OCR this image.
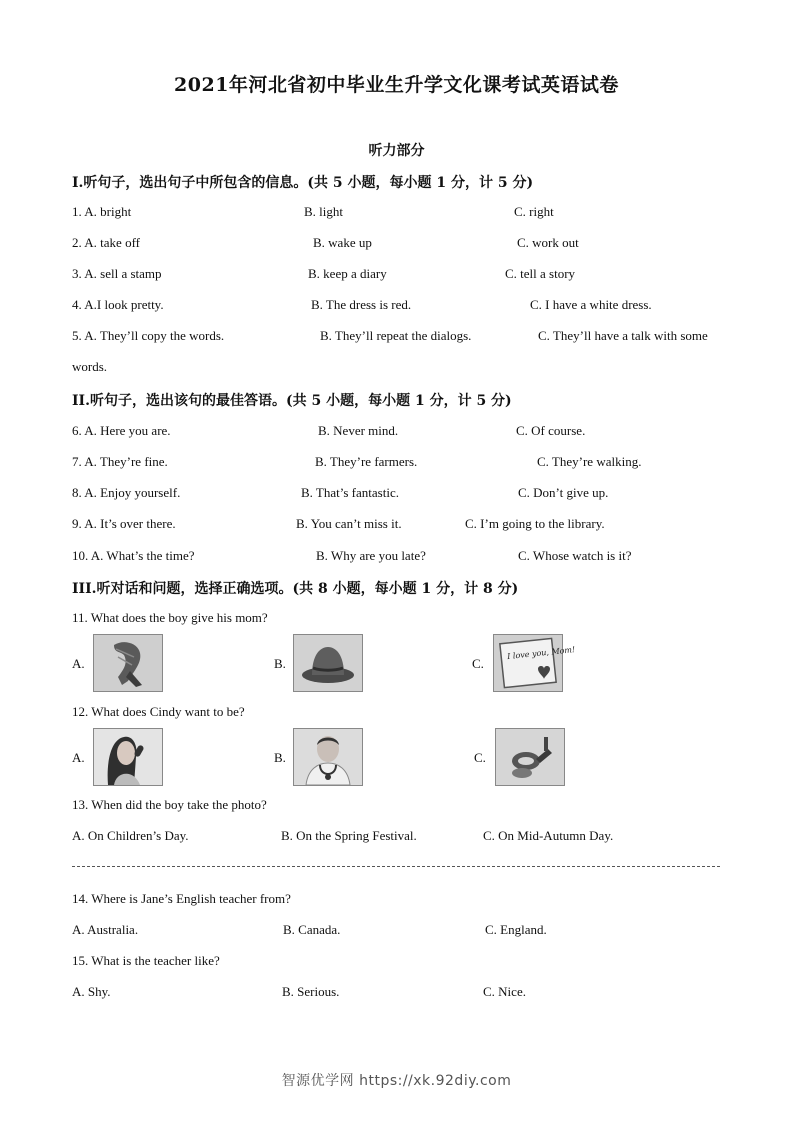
2021年河北省初中毕业生升学文化课考试英语试卷
听力部分
I.听句子，选出句子中所包含的信息。(共 5 小题，每小题 1 分，计 5 分)
1. A. bright	B. light	C. right
2. A. take off	B. wake up	C. work out
3. A. sell a stamp	B. keep a diary	C. tell a story
4. A.I look pretty.	B. The dress is red.	C. I have a white dress.
5. A. They’ll copy the words.	B. They’ll repeat the dialogs.	C. They’ll have a talk with some
words.
II.听句子，选出该句的最佳答语。(共 5 小题，每小题 1 分，计 5 分)
6. A. Here you are.	B. Never mind.	C. Of course.
7. A. They’re fine.	B. They’re farmers.	C. They’re walking.
8. A. Enjoy yourself.	B. That’s fantastic.	C. Don’t give up.
9. A. It’s over there.	B. You can’t miss it.	C. I’m going to the library.
10. A. What’s the time?	B. Why are you late?	C. Whose watch is it?
III.听对话和问题，选择正确选项。(共 8 小题，每小题 1 分，计 8 分)
11. What does the boy give his mom?
A.	B.	C.
I love you, Mom!
12. What does Cindy want to be?
A.	B.	C.
13. When did the boy take the photo?
A. On Children’s Day.	B. On the Spring Festival.	C. On Mid-Autumn Day.
14. Where is Jane’s English teacher from?
A. Australia.	B. Canada.	C. England.
15. What is the teacher like?
A. Shy.	B. Serious.	C. Nice.
智源优学网 https://xk.92diy.com
